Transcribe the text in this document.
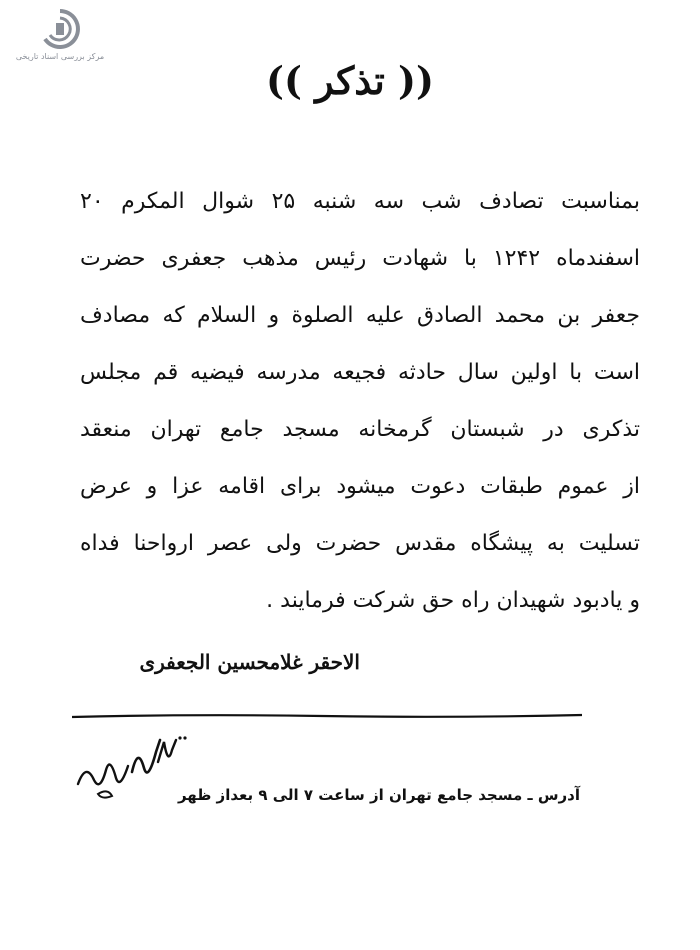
مرکز بررسی اسناد تاریخی
(( تذکر ))
بمناسبت تصادف شب سه شنبه ۲۵ شوال المکرم ۲۰
اسفندماه ۱۲۴۲ با شهادت رئیس مذهب جعفری حضرت
جعفر بن محمد الصادق علیه الصلوة و السلام که مصادف
است با اولین سال حادثه فجیعه مدرسه فیضیه قم مجلس
تذکری در شبستان گرمخانه مسجد جامع تهران منعقد
از عموم طبقات دعوت میشود برای اقامه عزا و عرض
تسلیت به پیشگاه مقدس حضرت ولی عصر ارواحنا فداه
و یادبود شهیدان راه حق شرکت فرمایند .
الاحقر غلامحسین الجعفری
آدرس ـ مسجد جامع تهران از ساعت ۷ الی ۹ بعداز ظهر
